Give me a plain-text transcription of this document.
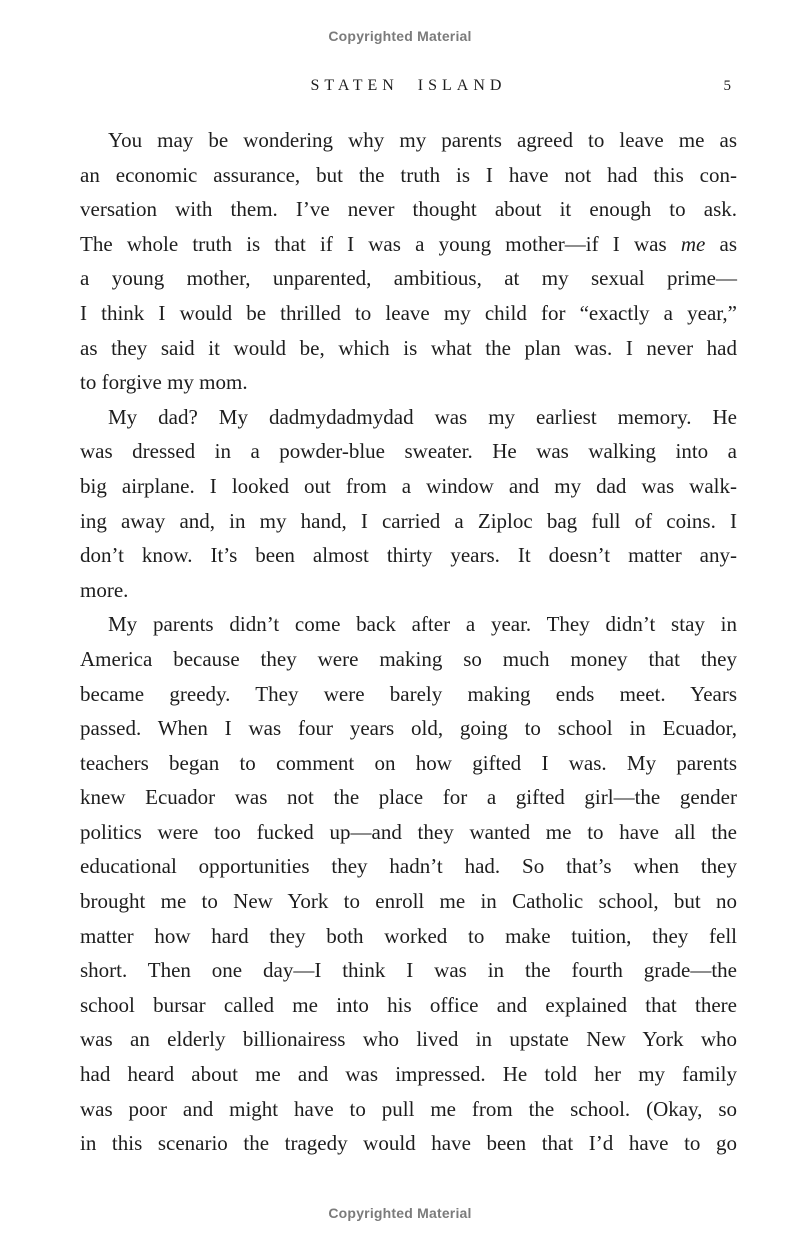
Copyrighted Material
STATEN ISLAND	5
You may be wondering why my parents agreed to leave me as
an economic assurance, but the truth is I have not had this con-
versation with them. I’ve never thought about it enough to ask.
The whole truth is that if I was a young mother—if I was me as
a young mother, unparented, ambitious, at my sexual prime—
I think I would be thrilled to leave my child for “exactly a year,”
as they said it would be, which is what the plan was. I never had
to forgive my mom.
My dad? My dadmydadmydad was my earliest memory. He
was dressed in a powder-blue sweater. He was walking into a
big airplane. I looked out from a window and my dad was walk-
ing away and, in my hand, I carried a Ziploc bag full of coins. I
don’t know. It’s been almost thirty years. It doesn’t matter any-
more.
My parents didn’t come back after a year. They didn’t stay in
America because they were making so much money that they
became greedy. They were barely making ends meet. Years
passed. When I was four years old, going to school in Ecuador,
teachers began to comment on how gifted I was. My parents
knew Ecuador was not the place for a gifted girl—the gender
politics were too fucked up—and they wanted me to have all the
educational opportunities they hadn’t had. So that’s when they
brought me to New York to enroll me in Catholic school, but no
matter how hard they both worked to make tuition, they fell
short. Then one day—I think I was in the fourth grade—the
school bursar called me into his office and explained that there
was an elderly billionairess who lived in upstate New York who
had heard about me and was impressed. He told her my family
was poor and might have to pull me from the school. (Okay, so
in this scenario the tragedy would have been that I’d have to go
Copyrighted Material
